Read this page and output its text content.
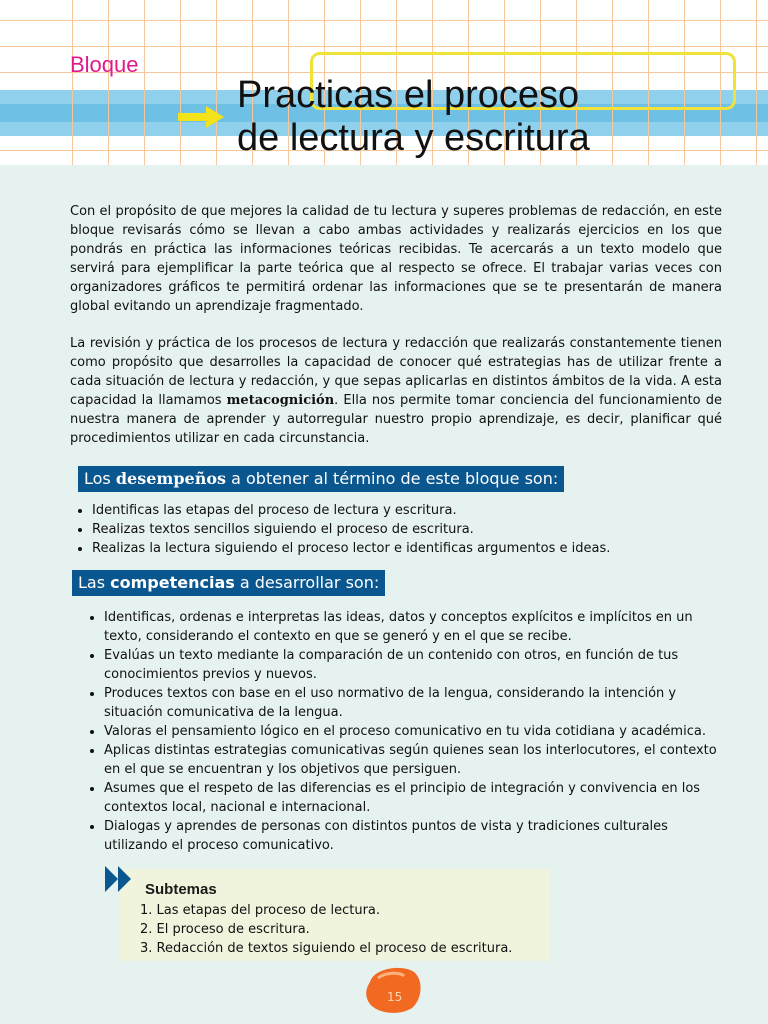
Bloque
Practicas el proceso
de lectura y escritura

Con el propósito de que mejores la calidad de tu lectura y superes problemas de redacción, en este bloque revisarás cómo se llevan a cabo ambas actividades y realizarás ejercicios en los que pondrás en práctica las informaciones teóricas recibidas. Te acercarás a un texto modelo que servirá para ejemplificar la parte teórica que al respecto se ofrece. El trabajar varias veces con organizadores gráficos te permitirá ordenar las informaciones que se te presentarán de manera global evitando un aprendizaje fragmentado.

La revisión y práctica de los procesos de lectura y redacción que realizarás constantemente tienen como propósito que desarrolles la capacidad de conocer qué estrategias has de utilizar frente a cada situación de lectura y redacción, y que sepas aplicarlas en distintos ámbitos de la vida. A esta capacidad la llamamos metacognición. Ella nos permite tomar conciencia del funcionamiento de nuestra manera de aprender y autorregular nuestro propio aprendizaje, es decir, planificar qué procedimientos utilizar en cada circunstancia.

Los desempeños a obtener al término de este bloque son:
• Identificas las etapas del proceso de lectura y escritura.
• Realizas textos sencillos siguiendo el proceso de escritura.
• Realizas la lectura siguiendo el proceso lector e identificas argumentos e ideas.
Las competencias a desarrollar son:
• Identificas, ordenas e interpretas las ideas, datos y conceptos explícitos e implícitos en un texto, considerando el contexto en que se generó y en el que se recibe.
• Evalúas un texto mediante la comparación de un contenido con otros, en función de tus conocimientos previos y nuevos.
• Produces textos con base en el uso normativo de la lengua, considerando la intención y situación comunicativa de la lengua.
• Valoras el pensamiento lógico en el proceso comunicativo en tu vida cotidiana y académica.
• Aplicas distintas estrategias comunicativas según quienes sean los interlocutores, el contexto en el que se encuentran y los objetivos que persiguen.
• Asumes que el respeto de las diferencias es el principio de integración y convivencia en los contextos local, nacional e internacional.
• Dialogas y aprendes de personas con distintos puntos de vista y tradiciones culturales utilizando el proceso comunicativo.
Subtemas
1. Las etapas del proceso de lectura.
2. El proceso de escritura.
3. Redacción de textos siguiendo el proceso de escritura.
15
